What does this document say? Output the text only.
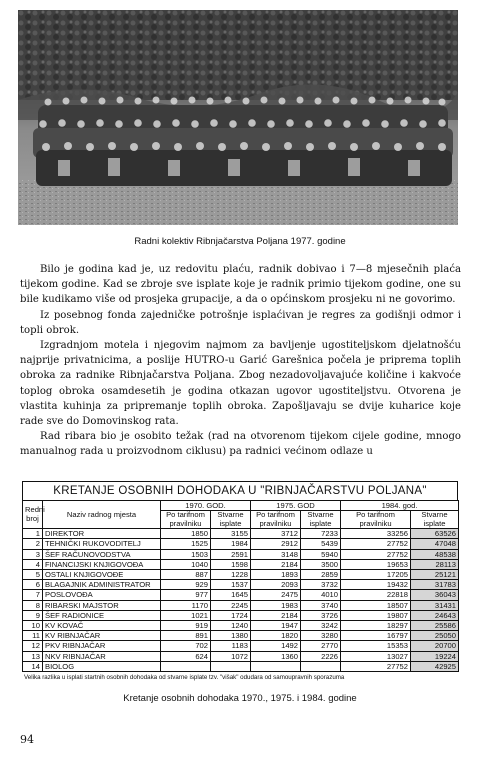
Radni kolektiv Ribnjačarstva Poljana 1977. godine

Bilo je godina kad je, uz redovitu plaću, radnik dobivao i 7—8 mjesečnih plaća tijekom godine. Kad se zbroje sve isplate koje je radnik primio tijekom godine, one su bile kudikamo više od prosjeka grupacije, a da o općinskom prosjeku ni ne govorimo.

Iz posebnog fonda zajedničke potrošnje isplaćivan je regres za godišnji odmor i topli obrok.

Izgradnjom motela i njegovim najmom za bavljenje ugostiteljskom djelatnošću najprije privatnicima, a poslije HUTRO-u Garić Garešnica počela je priprema toplih obroka za radnike Ribnjačarstva Poljana. Zbog nezadovoljavajuće količine i kakvoće toplog obroka osamdesetih je godina otkazan ugovor ugostiteljstvu. Otvorena je vlastita kuhinja za pripremanje toplih obroka. Zapošljavaju se dvije kuharice koje rade sve do Domovinskog rata.

Rad ribara bio je osobito težak (rad na otvorenom tijekom cijele godine, mnogo manualnog rada u proizvodnom ciklusu) pa radnici većinom odlaze u

KRETANJE OSOBNIH DOHODAKA U "RIBNJAČARSTVU POLJANA"
Redni broj	Naziv radnog mjesta	1970. GOD.		1975. GOD		1984. god.	
		Po tarifnom pravilniku	Stvarne isplate	Po tarifnom pravilniku	Stvarne isplate	Po tarifnom pravilniku	Stvarne isplate
1	DIREKTOR	1850	3155	3712	7233	33256	63526
2	TEHNIČKI RUKOVODITELJ	1525	1984	2912	5439	27752	47048
3	ŠEF RAČUNOVODSTVA	1503	2591	3148	5940	27752	48538
4	FINANCIJSKI KNJIGOVOĐA	1040	1598	2184	3500	19653	28113
5	OSTALI KNJIGOVOĐE	887	1228	1893	2859	17205	25121
6	BLAGAJNIK ADMINISTRATOR	929	1537	2093	3732	19432	31783
7	POSLOVOĐA	977	1645	2475	4010	22818	36043
8	RIBARSKI MAJSTOR	1170	2245	1983	3740	18507	31431
9	ŠEF RADIONICE	1021	1724	2184	3726	19807	24643
10	KV KOVAČ	919	1240	1947	3242	18297	25586
11	KV RIBNJAČAR	891	1380	1820	3280	16797	25050
12	PKV RIBNJAČAR	702	1183	1492	2770	15353	20700
13	NKV RIBNJAČAR	624	1072	1360	2226	13027	19224
14	BIOLOG					27752	42925
Velika razlika u isplati startnih osobnih dohodaka od stvarne isplate tzv. "višak" odudara od samoupravnih sporazuma
Kretanje osobnih dohodaka 1970., 1975. i 1984. godine
94
